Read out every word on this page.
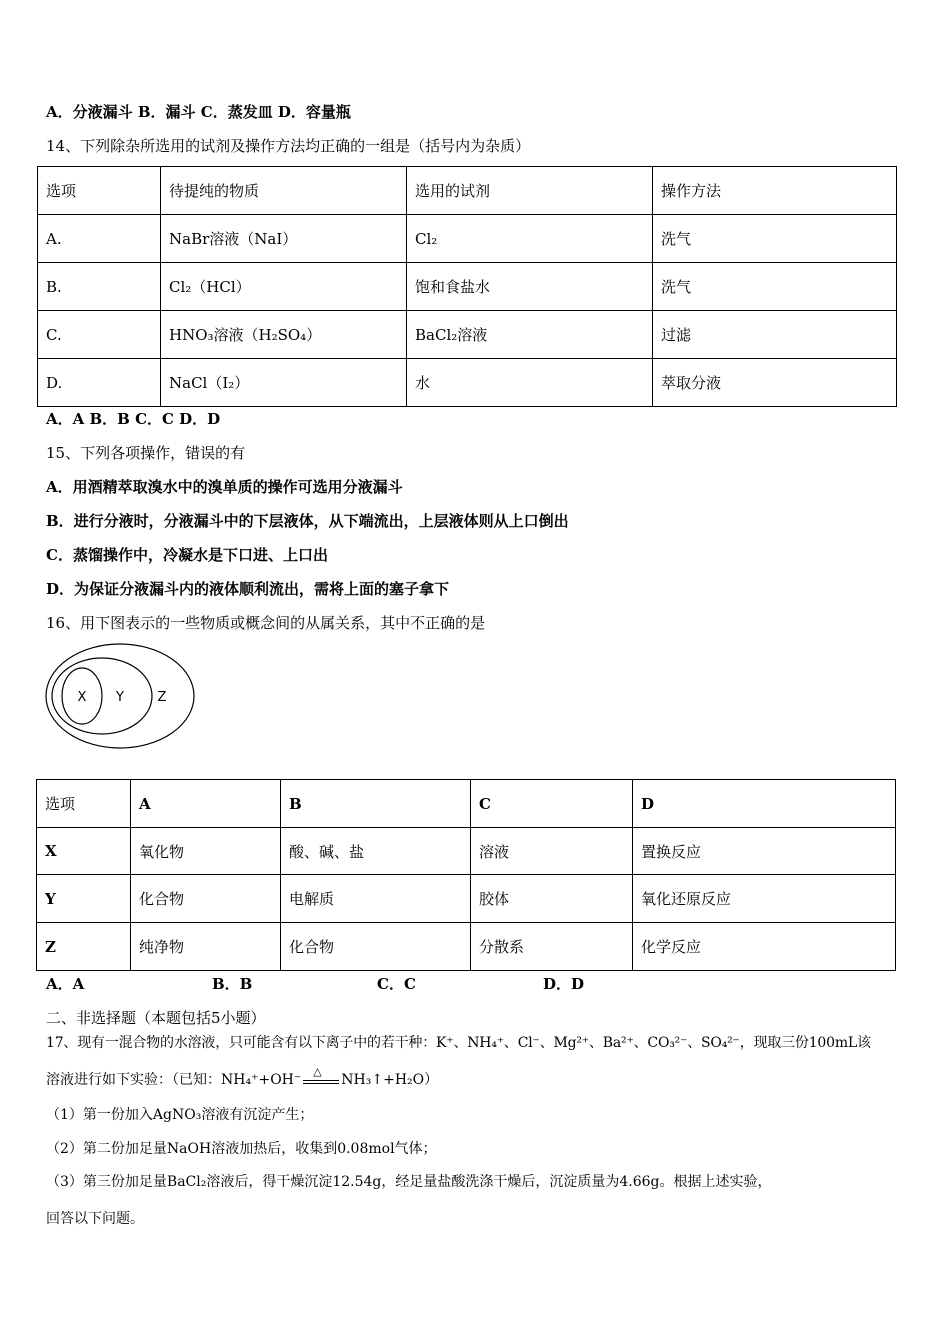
A．分液漏斗 B．漏斗 C．蒸发皿 D．容量瓶
14、下列除杂所选用的试剂及操作方法均正确的一组是（括号内为杂质）
选项	待提纯的物质	选用的试剂	操作方法
A.	NaBr溶液（NaI）	Cl₂	洗气
B.	Cl₂（HCl）	饱和食盐水	洗气
C.	HNO₃溶液（H₂SO₄）	BaCl₂溶液	过滤
D.	NaCl（I₂）	水	萃取分液
A．A B．B C．C D．D
15、下列各项操作，错误的有
A．用酒精萃取溴水中的溴单质的操作可选用分液漏斗
B．进行分液时，分液漏斗中的下层液体，从下端流出，上层液体则从上口倒出
C．蒸馏操作中，冷凝水是下口进、上口出
D．为保证分液漏斗内的液体顺利流出，需将上面的塞子拿下
16、用下图表示的一些物质或概念间的从属关系，其中不正确的是
X Y	Z
选项	A	B	C	D
X	氧化物	酸、碱、盐	溶液	置换反应
Y	化合物	电解质	胶体	氧化还原反应
Z	纯净物	化合物	分散系	化学反应
A．A	B．B	C．C	D．D
二、非选择题（本题包括5小题）
17、现有一混合物的水溶液，只可能含有以下离子中的若干种：K⁺、NH₄⁺、Cl⁻、Mg²⁺、Ba²⁺、CO₃²⁻、SO₄²⁻，现取三份100mL该
溶液进行如下实验：（已知：NH₄⁺+OH⁻
△
NH₃↑+H₂O）
（1）第一份加入AgNO₃溶液有沉淀产生；
（2）第二份加足量NaOH溶液加热后，收集到0.08mol气体；
（3）第三份加足量BaCl₂溶液后，得干燥沉淀12.54g，经足量盐酸洗涤干燥后，沉淀质量为4.66g。根据上述实验，
回答以下问题。
